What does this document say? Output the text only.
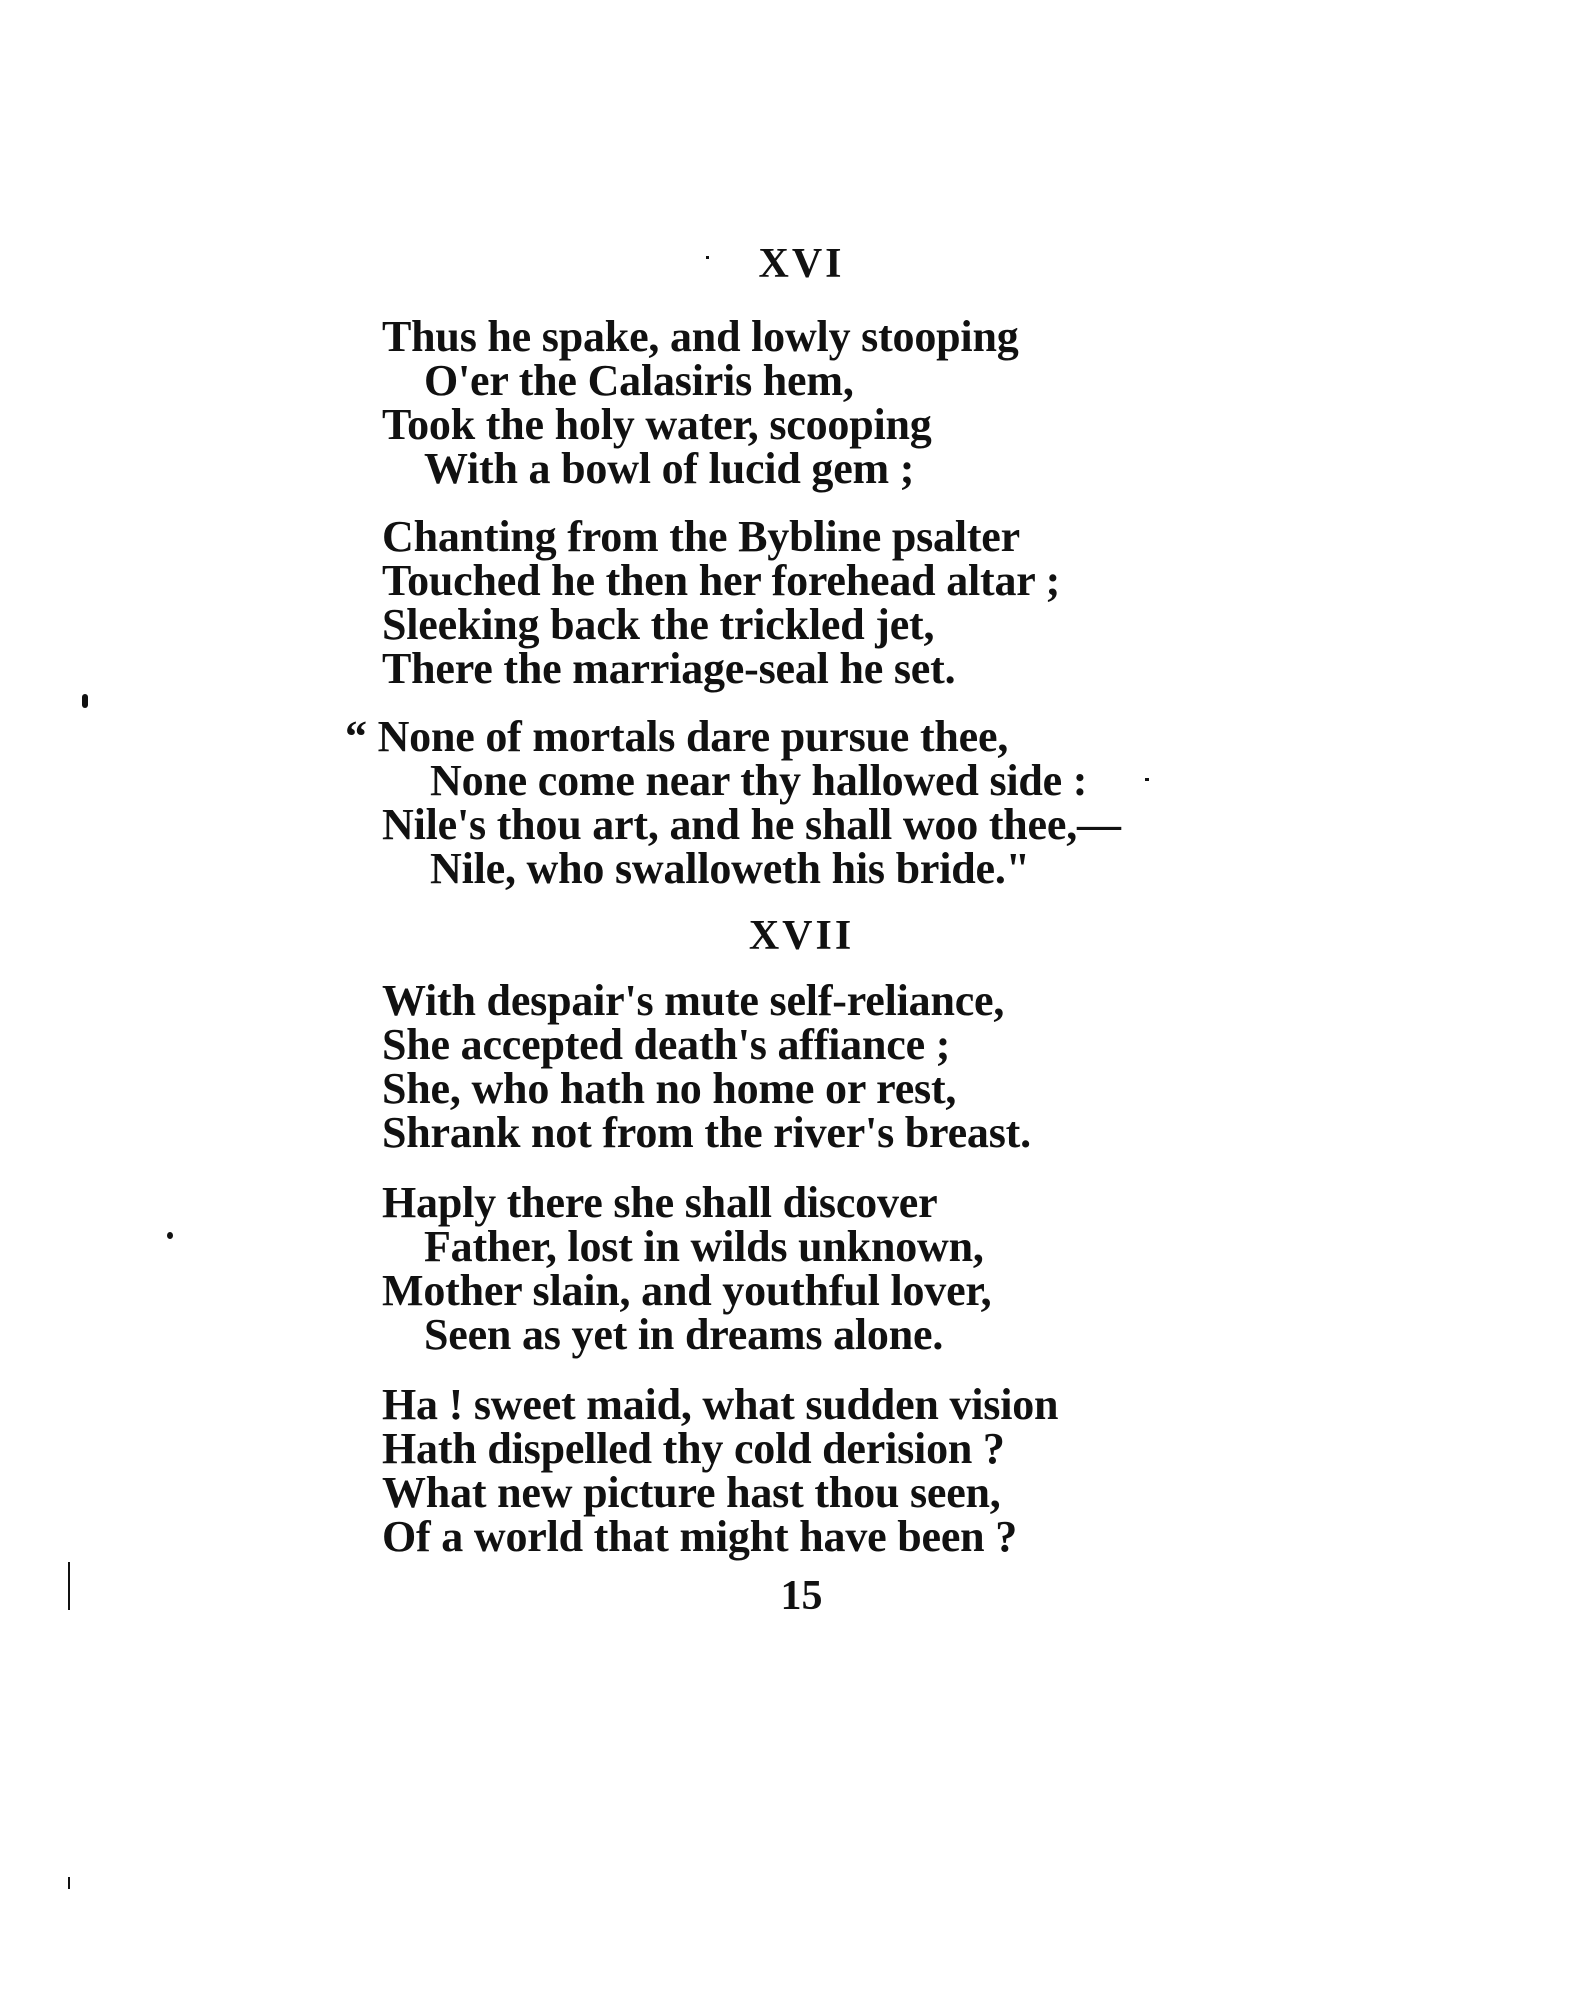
XVI
Thus he spake, and lowly stooping
O'er the Calasiris hem,
Took the holy water, scooping
With a bowl of lucid gem ;
Chanting from the Bybline psalter
Touched he then her forehead altar ;
Sleeking back the trickled jet,
There the marriage-seal he set.
“ None of mortals dare pursue thee,
None come near thy hallowed side :
Nile's thou art, and he shall woo thee,—
Nile, who swalloweth his bride."
XVII
With despair's mute self-reliance,
She accepted death's affiance ;
She, who hath no home or rest,
Shrank not from the river's breast.
Haply there she shall discover
Father, lost in wilds unknown,
Mother slain, and youthful lover,
Seen as yet in dreams alone.
Ha ! sweet maid, what sudden vision
Hath dispelled thy cold derision ?
What new picture hast thou seen,
Of a world that might have been ?
15
